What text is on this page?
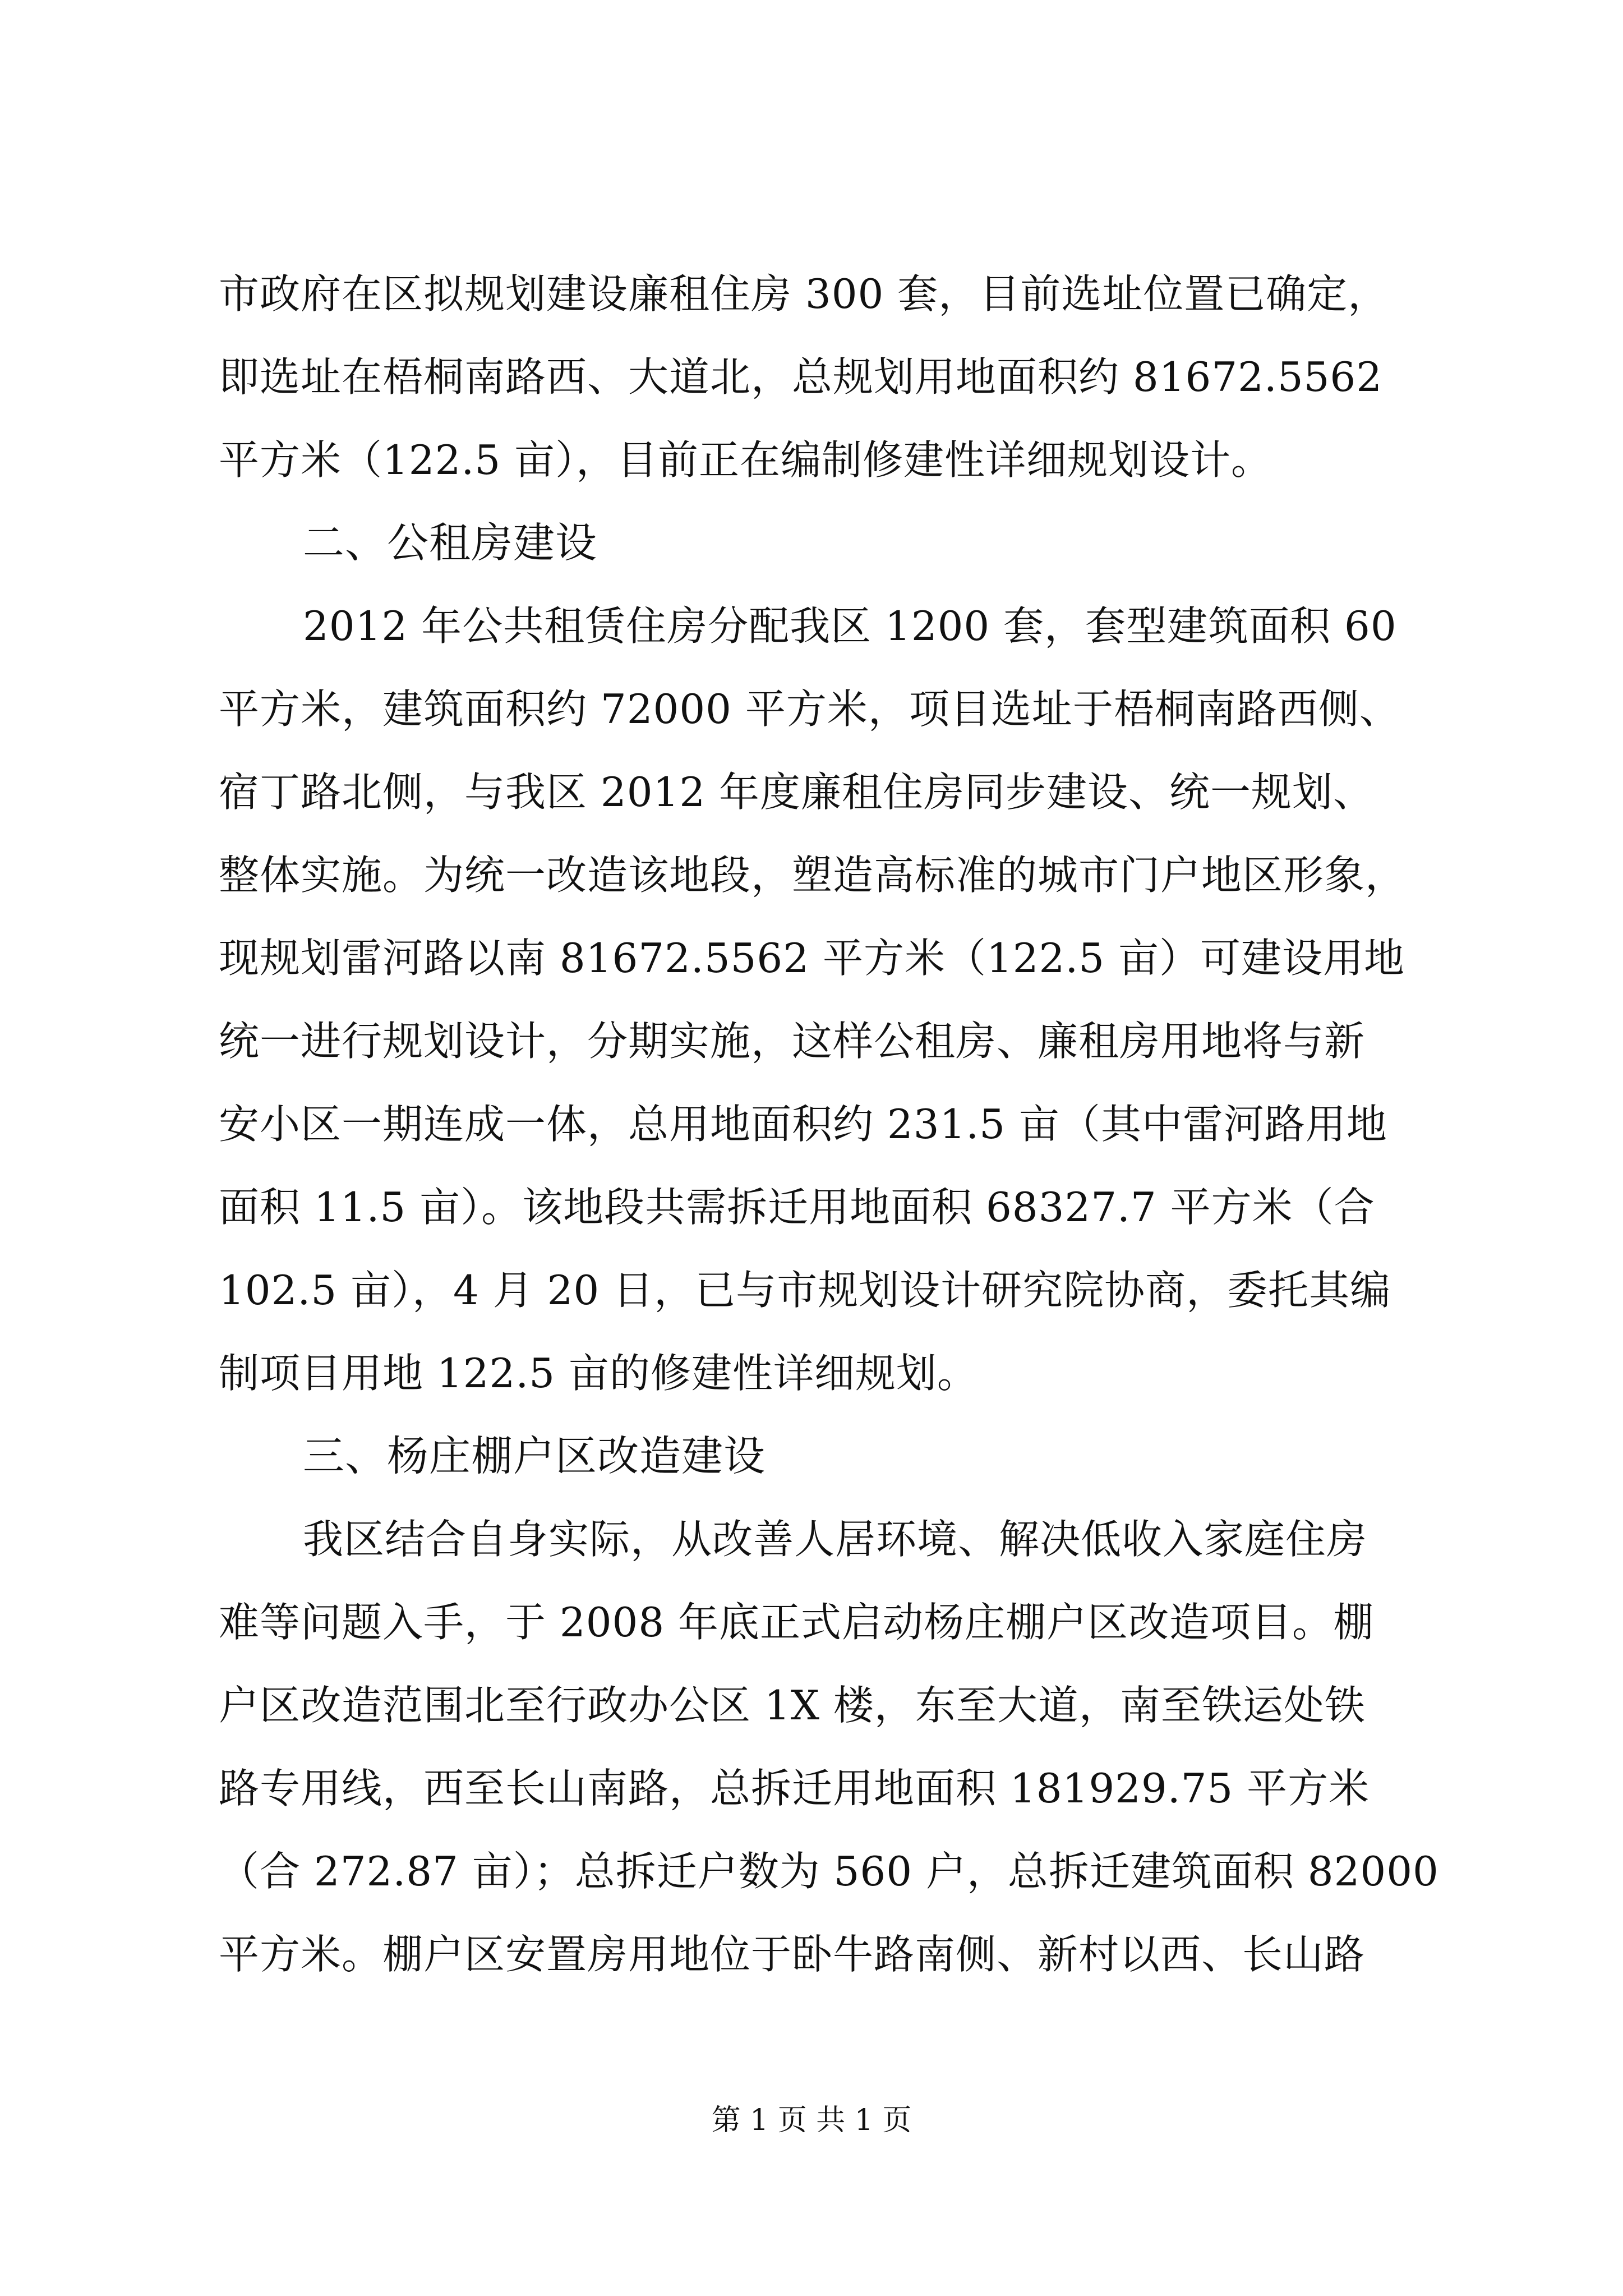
市政府在区拟规划建设廉租住房 300 套，目前选址位置已确定，
即选址在梧桐南路西、大道北，总规划用地面积约 81672.5562
平方米（122.5 亩），目前正在编制修建性详细规划设计。
二、公租房建设
2012 年公共租赁住房分配我区 1200 套，套型建筑面积 60
平方米，建筑面积约 72000 平方米，项目选址于梧桐南路西侧、
宿丁路北侧，与我区 2012 年度廉租住房同步建设、统一规划、
整体实施。为统一改造该地段，塑造高标准的城市门户地区形象，
现规划雷河路以南 81672.5562 平方米（122.5 亩）可建设用地
统一进行规划设计，分期实施，这样公租房、廉租房用地将与新
安小区一期连成一体，总用地面积约 231.5 亩（其中雷河路用地
面积 11.5 亩）。该地段共需拆迁用地面积 68327.7 平方米（合
102.5 亩），4 月 20 日，已与市规划设计研究院协商，委托其编
制项目用地 122.5 亩的修建性详细规划。
三、杨庄棚户区改造建设
我区结合自身实际，从改善人居环境、解决低收入家庭住房
难等问题入手，于 2008 年底正式启动杨庄棚户区改造项目。棚
户区改造范围北至行政办公区 1X 楼，东至大道，南至铁运处铁
路专用线，西至长山南路，总拆迁用地面积 181929.75 平方米
（合 272.87 亩）；总拆迁户数为 560 户，总拆迁建筑面积 82000
平方米。棚户区安置房用地位于卧牛路南侧、新村以西、长山路
第 1 页 共 1 页
